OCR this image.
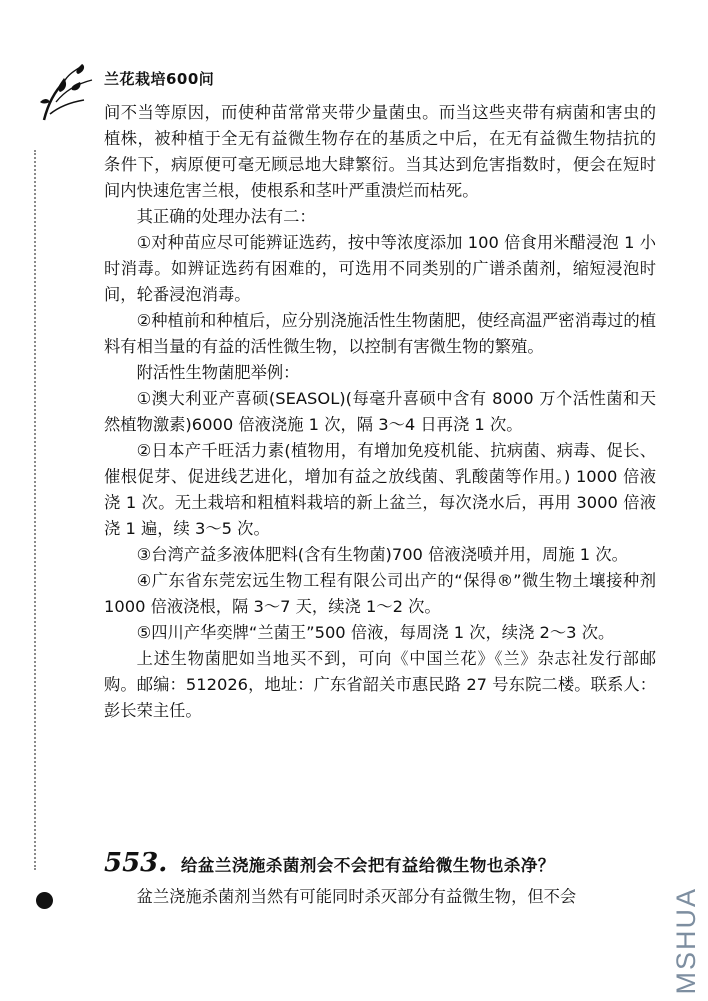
兰花栽培600问

间不当等原因，而使种苗常常夹带少量菌虫。而当这些夹带有病菌和害虫的植株，被种植于全无有益微生物存在的基质之中后，在无有益微生物拮抗的条件下，病原便可毫无顾忌地大肆繁衍。当其达到危害指数时，便会在短时间内快速危害兰根，使根系和茎叶严重溃烂而枯死。

其正确的处理办法有二：

①对种苗应尽可能辨证选药，按中等浓度添加 100 倍食用米醋浸泡 1 小时消毒。如辨证选药有困难的，可选用不同类别的广谱杀菌剂，缩短浸泡时间，轮番浸泡消毒。

②种植前和种植后，应分别浇施活性生物菌肥，使经高温严密消毒过的植料有相当量的有益的活性微生物，以控制有害微生物的繁殖。

附活性生物菌肥举例：

①澳大利亚产喜硕(SEASOL)(每毫升喜硕中含有 8000 万个活性菌和天然植物激素)6000 倍液浇施 1 次，隔 3～4 日再浇 1 次。

②日本产千旺活力素(植物用，有增加免疫机能、抗病菌、病毒、促长、催根促芽、促进线艺进化，增加有益之放线菌、乳酸菌等作用。) 1000 倍液浇 1 次。无土栽培和粗植料栽培的新上盆兰，每次浇水后，再用 3000 倍液浇 1 遍，续 3～5 次。

③台湾产益多液体肥料(含有生物菌)700 倍液浇喷并用，周施 1 次。

④广东省东莞宏远生物工程有限公司出产的“保得®”微生物土壤接种剂 1000 倍液浇根，隔 3～7 天，续浇 1～2 次。

⑤四川产华奕牌“兰菌王”500 倍液，每周浇 1 次，续浇 2～3 次。

上述生物菌肥如当地买不到，可向《中国兰花》《兰》杂志社发行部邮购。邮编：512026，地址：广东省韶关市惠民路 27 号东院二楼。联系人：彭长荣主任。

553. 给盆兰浇施杀菌剂会不会把有益给微生物也杀净？
盆兰浇施杀菌剂当然有可能同时杀灭部分有益微生物，但不会	MSHUA
